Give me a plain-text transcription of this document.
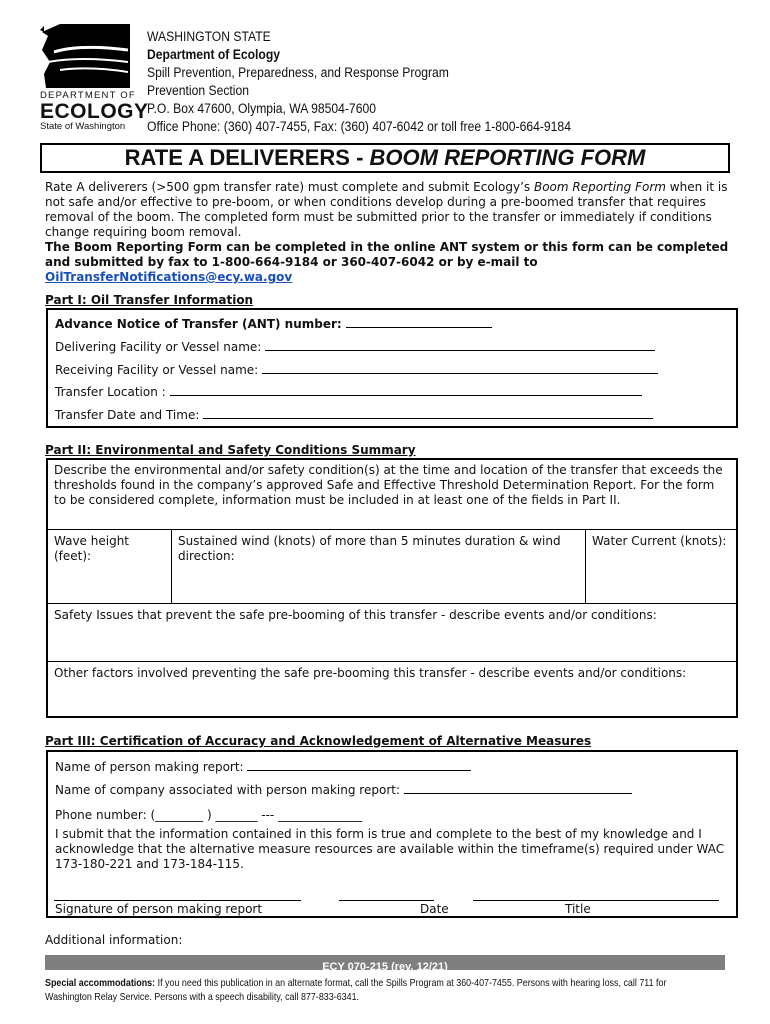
DEPARTMENT OF
ECOLOGY
State of Washington
WASHINGTON STATE
Department of Ecology
Spill Prevention, Preparedness, and Response Program
Prevention Section
P.O. Box 47600, Olympia, WA 98504-7600
Office Phone: (360) 407-7455, Fax: (360) 407-6042 or toll free 1-800-664-9184
RATE A DELIVERERS - BOOM REPORTING FORM
Rate A deliverers (>500 gpm transfer rate) must complete and submit Ecology’s Boom Reporting Form when it is not safe and/or effective to pre-boom, or when conditions develop during a pre-boomed transfer that requires removal of the boom. The completed form must be submitted prior to the transfer or immediately if conditions change requiring boom removal.
The Boom Reporting Form can be completed in the online ANT system or this form can be completed and submitted by fax to 1-800-664-9184 or 360-407-6042 or by e-mail to OilTransferNotifications@ecy.wa.gov
Part I: Oil Transfer Information
Advance Notice of Transfer (ANT) number:
Delivering Facility or Vessel name:
Receiving Facility or Vessel name:
Transfer Location :
Transfer Date and Time:
Part II: Environmental and Safety Conditions Summary
Describe the environmental and/or safety condition(s) at the time and location of the transfer that exceeds the thresholds found in the company’s approved Safe and Effective Threshold Determination Report. For the form to be considered complete, information must be included in at least one of the fields in Part II.
Wave height (feet):
Sustained wind (knots) of more than 5 minutes duration & wind direction:
Water Current (knots):
Safety Issues that prevent the safe pre-booming of this transfer - describe events and/or conditions:
Other factors involved preventing the safe pre-booming this transfer - describe events and/or conditions:
Part III: Certification of Accuracy and Acknowledgement of Alternative Measures
Name of person making report:
Name of company associated with person making report:
Phone number: (________ ) _______ --- ______________
I submit that the information contained in this form is true and complete to the best of my knowledge and I acknowledge that the alternative measure resources are available within the timeframe(s) required under WAC 173-180-221 and 173-184-115.
Signature of person making report	Date	Title
Additional information:
ECY 070-215 (rev. 12/21)
Special accommodations: If you need this publication in an alternate format, call the Spills Program at 360-407-7455. Persons with hearing loss, call 711 for
Washington Relay Service. Persons with a speech disability, call 877-833-6341.
